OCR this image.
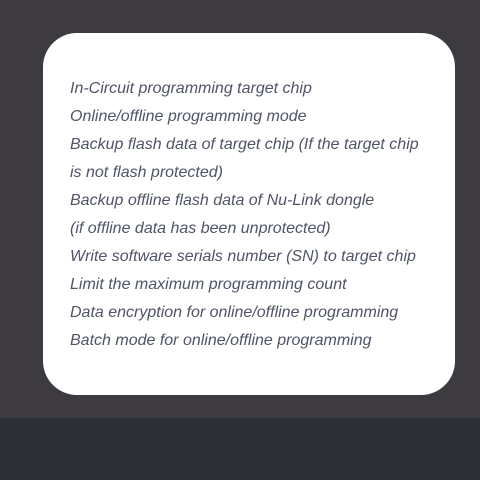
In-Circuit programming target chip
Online/offline programming mode
Backup flash data of target chip (If the target chip
is not flash protected)
Backup offline flash data of Nu-Link dongle
(if offline data has been unprotected)
Write software serials number (SN) to target chip
Limit the maximum programming count
Data encryption for online/offline programming
Batch mode for online/offline programming
